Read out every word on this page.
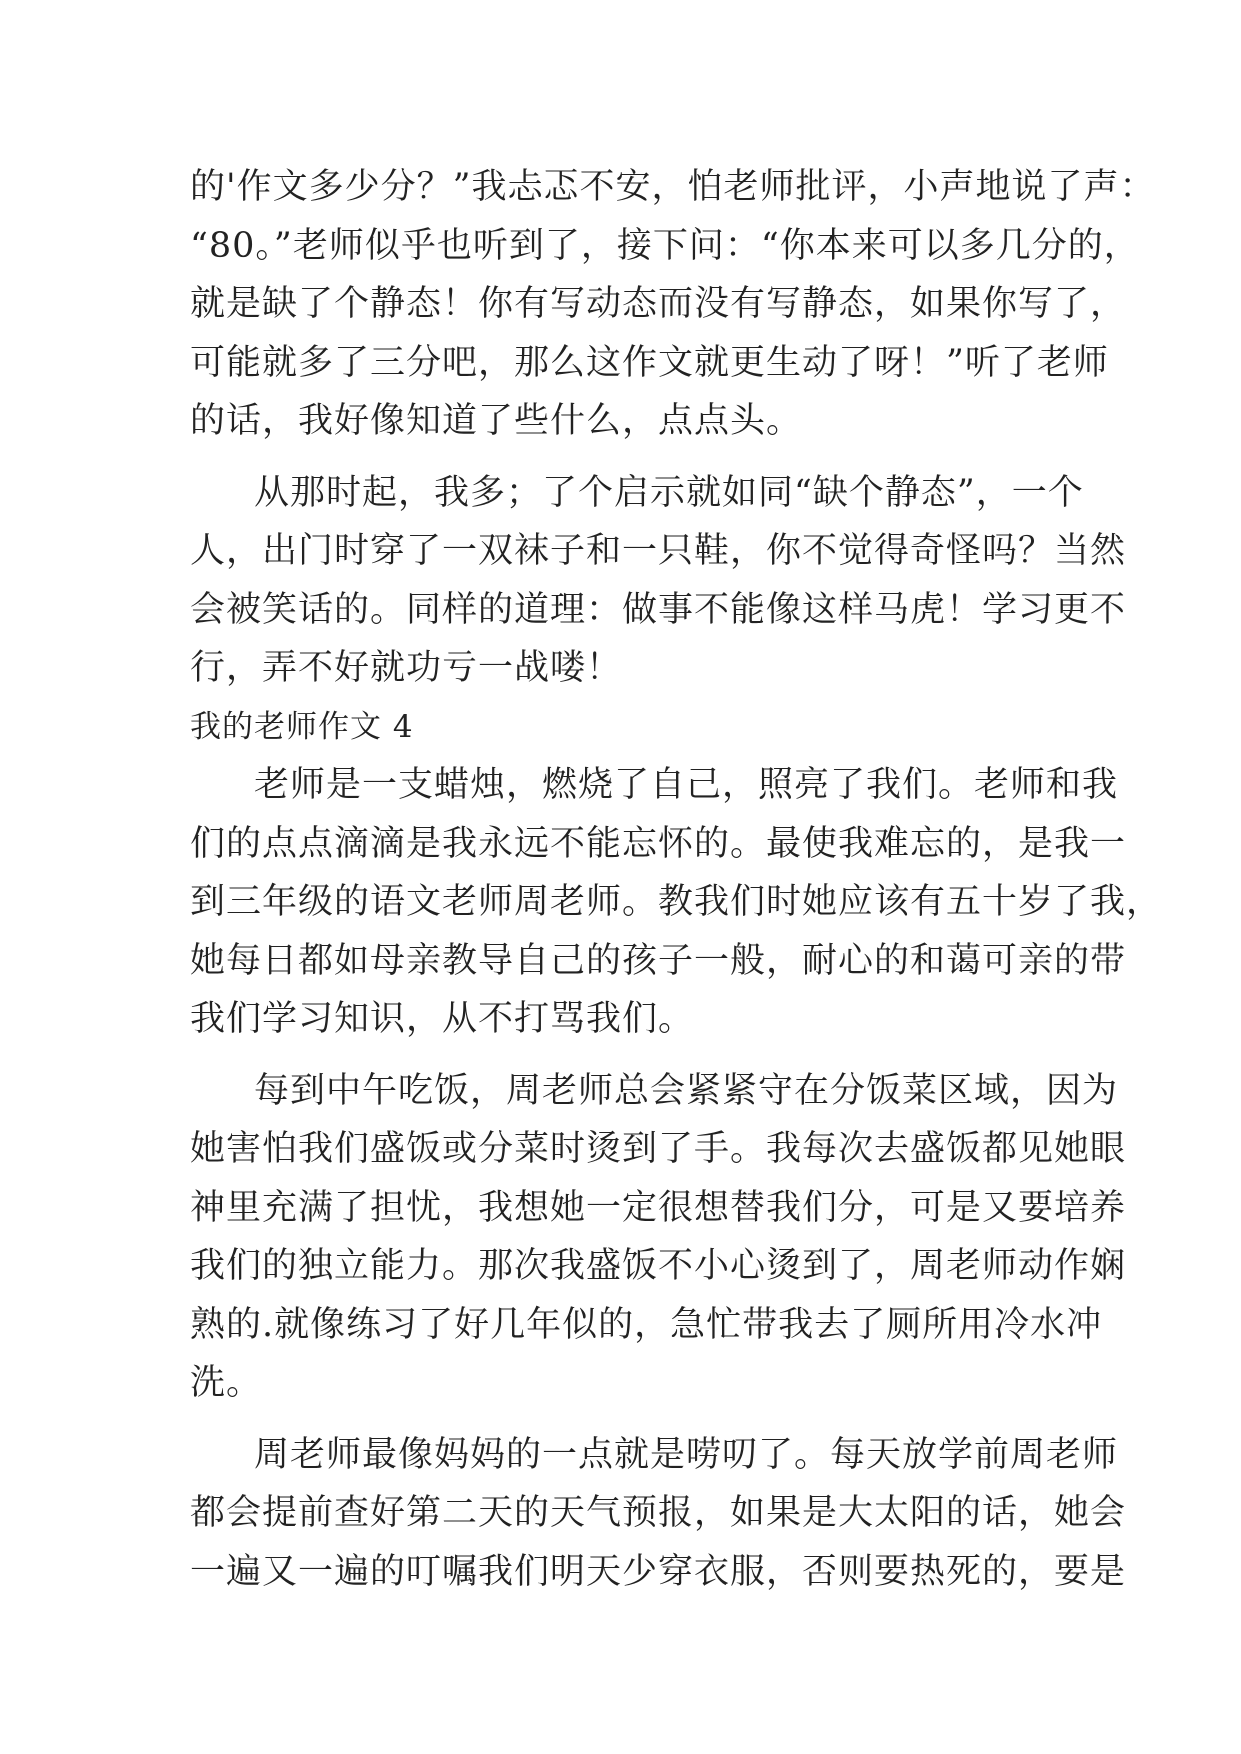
的'作文多少分？”我忐忑不安，怕老师批评，小声地说了声：
“80。”老师似乎也听到了，接下问：“你本来可以多几分的，
就是缺了个静态！你有写动态而没有写静态，如果你写了，
可能就多了三分吧，那么这作文就更生动了呀！”听了老师
的话，我好像知道了些什么，点点头。
从那时起，我多；了个启示就如同“缺个静态”，一个
人，出门时穿了一双袜子和一只鞋，你不觉得奇怪吗？当然
会被笑话的。同样的道理：做事不能像这样马虎！学习更不
行，弄不好就功亏一战喽！
我的老师作文 4
老师是一支蜡烛，燃烧了自己，照亮了我们。老师和我
们的点点滴滴是我永远不能忘怀的。最使我难忘的，是我一
到三年级的语文老师周老师。教我们时她应该有五十岁了我，
她每日都如母亲教导自己的孩子一般，耐心的和蔼可亲的带
我们学习知识，从不打骂我们。
每到中午吃饭，周老师总会紧紧守在分饭菜区域，因为
她害怕我们盛饭或分菜时烫到了手。我每次去盛饭都见她眼
神里充满了担忧，我想她一定很想替我们分，可是又要培养
我们的独立能力。那次我盛饭不小心烫到了，周老师动作娴
熟的.就像练习了好几年似的，急忙带我去了厕所用冷水冲
洗。
周老师最像妈妈的一点就是唠叨了。每天放学前周老师
都会提前查好第二天的天气预报，如果是大太阳的话，她会
一遍又一遍的叮嘱我们明天少穿衣服，否则要热死的，要是
